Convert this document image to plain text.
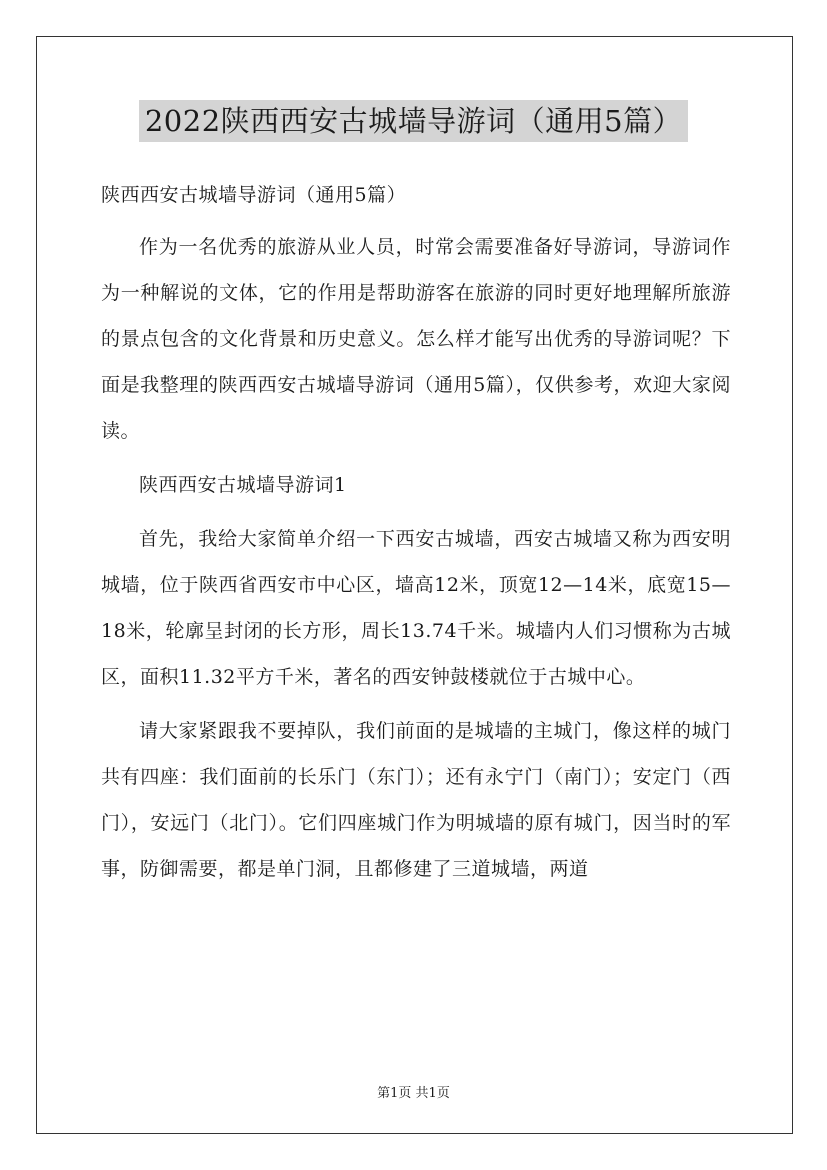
2022陕西西安古城墙导游词（通用5篇）

陕西西安古城墙导游词（通用5篇）

作为一名优秀的旅游从业人员，时常会需要准备好导游词，导游词作为一种解说的文体，它的作用是帮助游客在旅游的同时更好地理解所旅游的景点包含的文化背景和历史意义。怎么样才能写出优秀的导游词呢？下面是我整理的陕西西安古城墙导游词（通用5篇），仅供参考，欢迎大家阅读。

陕西西安古城墙导游词1

首先，我给大家简单介绍一下西安古城墙，西安古城墙又称为西安明城墙，位于陕西省西安市中心区，墙高12米，顶宽12—14米，底宽15—18米，轮廓呈封闭的长方形，周长13.74千米。城墙内人们习惯称为古城区，面积11.32平方千米，著名的西安钟鼓楼就位于古城中心。

请大家紧跟我不要掉队，我们前面的是城墙的主城门，像这样的城门共有四座：我们面前的长乐门（东门）；还有永宁门（南门）；安定门（西门），安远门（北门）。它们四座城门作为明城墙的原有城门，因当时的军事，防御需要，都是单门洞，且都修建了三道城墙，两道

第1页 共1页
